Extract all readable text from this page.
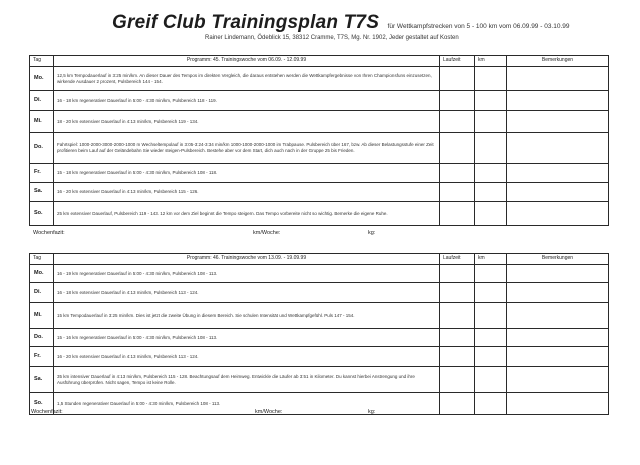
Greif Club Trainingsplan T7S für Wettkampfstrecken von 5 - 100 km vom 06.09.99 - 03.10.99
Rainer Lindemann, Ödeblick 15, 38312 Cramme, T7S, Mg. Nr. 1902, Jeder gestaltet auf Kosten
Tag	Programm: 45. Trainingswoche vom 06.09. - 12.09.99	Laufzeit	km	Bemerkungen
Mo.	12,5 km Tempodauerlauf in 3:25 min/km. An dieser Dauer des Tempos im direkten Vergleich, die daraus entstehen werden die Wettkampfergebnisse von Ihren Championsfuns einzusetzen, wirkende Ausdauer 2 prozent, Pulsbereich 144 - 154.			
Di.	16 - 18 km regenerativer Dauerlauf in 5:00 - 4:30 min/km, Pulsbereich 118 - 119.			
Mi.	18 - 20 km extensiver Dauerlauf in 4:13 min/km, Pulsbereich 119 - 134.			
Do.	Fahrtspiel: 1000-2000-3000-2000-1000 m Wechseltempolauf in 3:05-3:24-3:34 min/km 1000-1000-2000-1000 im Trabpause. Pulsbereich über 167, bzw. Ab dieser Belastungsstufe einer Zeit profitieren beim Lauf auf der Geländebahn Sie wieder steigen-Pulsbereich. Bestehe aber vor dem Start, dich auch nach in der Gruppe 25 bis Frieden.			
Fr.	15 - 18 km regenerativer Dauerlauf in 5:00 - 4:30 min/km, Pulsbereich 108 - 118.			
Sa.	16 - 20 km extensiver Dauerlauf in 4:13 min/km, Pulsbereich 115 - 126.			
So.	25 km extensiver Dauerlauf, Pulsbereich 119 - 143. 12 km vor dem Ziel beginnt die Tempo steigern. Das Tempo vorbereite nicht so wichtig. Bemerke die eigene Ruhe.			
Wochenfazit:	km/Woche:	kg:
Tag	Programm: 46. Trainingswoche vom 13.09. - 19.09.99	Laufzeit	km	Bemerkungen
Mo.	16 - 19 km regenerativer Dauerlauf in 5:00 - 4:30 min/km, Pulsbereich 108 - 113.			
Di.	16 - 18 km extensiver Dauerlauf in 4:13 min/km, Pulsbereich 113 - 124.			
Mi.	15 km Tempodauerlauf in 3:25 min/km. Dies ist jetzt die zweite Übung in diesem Bereich. Sie schulen Intensität und Wettkampfgefühl. Puls 147 - 154.			
Do.	15 - 16 km regenerativer Dauerlauf in 5:00 - 4:30 min/km, Pulsbereich 108 - 113.			
Fr.	16 - 20 km extensiver Dauerlauf in 4:13 min/km, Pulsbereich 113 - 124.			
Sa.	35 km intensiver Dauerlauf in 4:13 min/km, Pulsbereich 115 - 128. Beachtungsauf dem Heimweg. Entwickle die Läufer ab 3:51 in Kilometer. Du kannst hierbei Anstrengung und ihre Ausführung überprüfen. Nicht sagen, Tempo ist keine Rolle.			
So.	1,5 Stunden regenerativer Dauerlauf in 5:00 - 4:30 min/km, Pulsbereich 108 - 113.			
Wochenfazit:	km/Woche:	kg:
